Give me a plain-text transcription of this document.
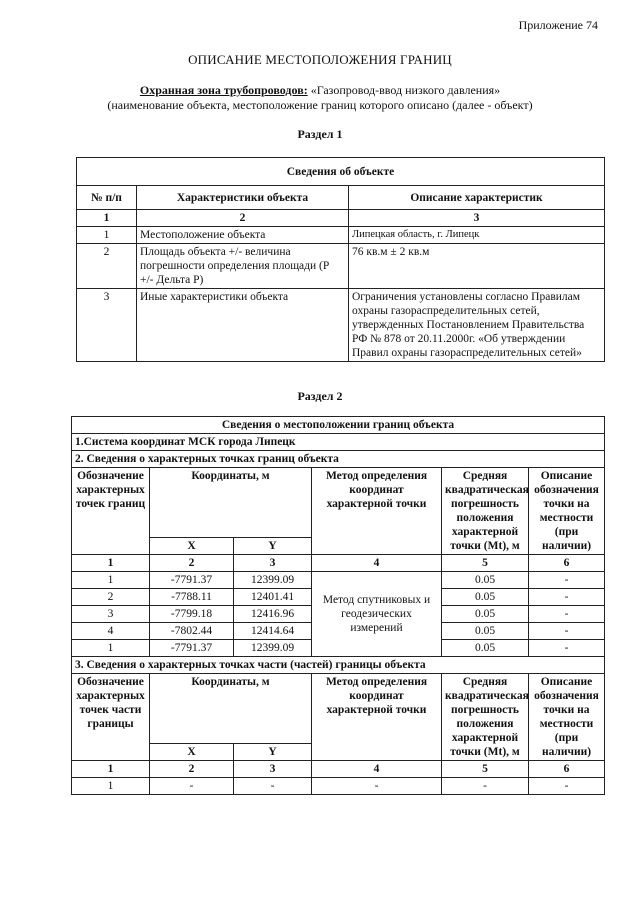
Приложение 74
ОПИСАНИЕ МЕСТОПОЛОЖЕНИЯ ГРАНИЦ
Охранная зона трубопроводов: «Газопровод-ввод низкого давления»
(наименование объекта, местоположение границ которого описано (далее - объект)
Раздел 1
Сведения об объекте		
№ п/п	Характеристики объекта	Описание характеристик
1	2	3
1	Местоположение объекта	Липецкая область, г. Липецк
2	Площадь объекта +/- величина погрешности определения площади (Р +/- Дельта Р)	76 кв.м ± 2 кв.м
3	Иные характеристики объекта	Ограничения установлены согласно Правилам охраны газораспределительных сетей, утвержденных Постановлением Правительства РФ № 878 от 20.11.2000г. «Об утверждении Правил охраны газораспределительных сетей»
Раздел 2
Сведения о местоположении границ объекта					
1.Система координат МСК города Липецк					
2. Сведения о характерных точках границ объекта					
Обозначение характерных точек границ	Координаты, м		Метод определения координат характерной точки	Средняя квадратическая погрешность положения характерной точки (Mt), м	Описание обозначения точки на местности (при наличии)
	X	Y			
1	2	3	4	5	6
1	-7791.37	12399.09	Метод спутниковых и геодезических измерений	0.05	-
2	-7788.11	12401.41		0.05	-
3	-7799.18	12416.96		0.05	-
4	-7802.44	12414.64		0.05	-
1	-7791.37	12399.09		0.05	-
3. Сведения о характерных точках части (частей) границы объекта					
Обозначение характерных точек части границы	Координаты, м		Метод определения координат характерной точки	Средняя квадратическая погрешность положения характерной точки (Mt), м	Описание обозначения точки на местности (при наличии)
	X	Y			
1	2	3	4	5	6
1	-	-	-	-	-
